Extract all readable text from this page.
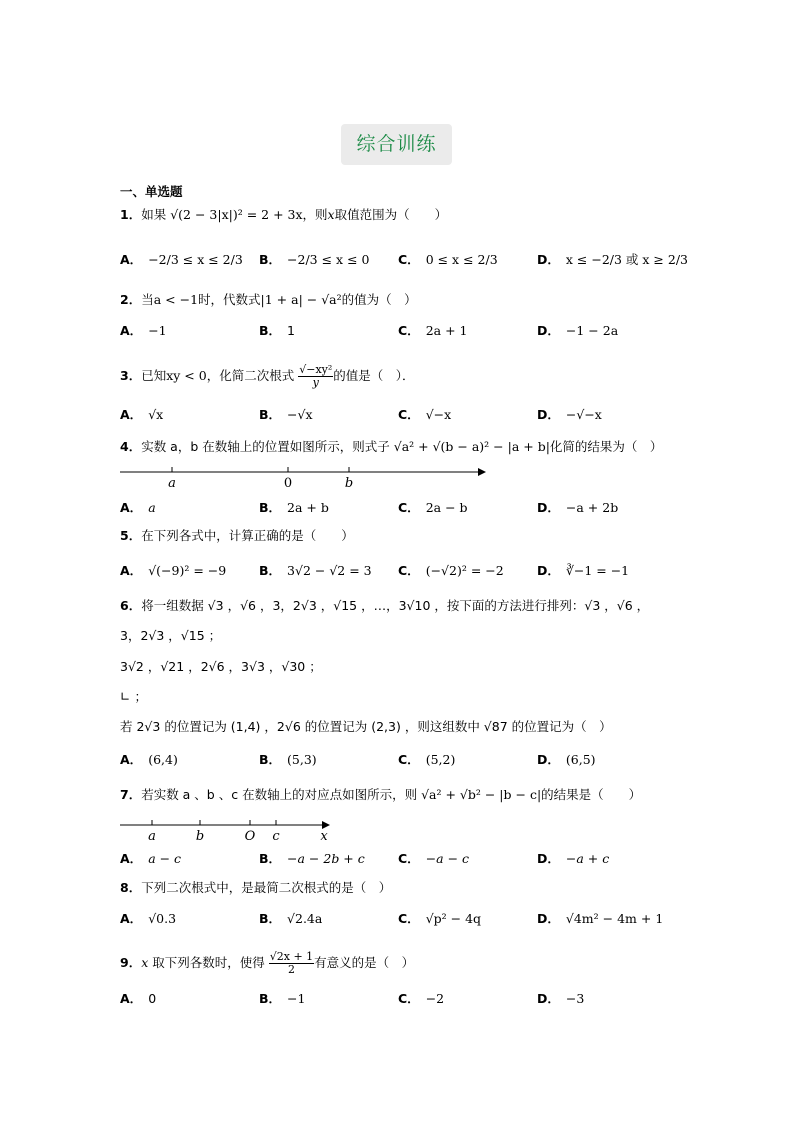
综合训练
一、单选题
1．如果 √(2 − 3|x|)² = 2 + 3x，则x取值范围为（　　）
A． −2/3 ≤ x ≤ 2/3 B． −2/3 ≤ x ≤ 0 C． 0 ≤ x ≤ 2/3	D． x ≤ −2/3 或 x ≥ 2/3
2．当a < −1时，代数式|1 + a| − √a²的值为（　）
A． −1	B． 1	C． 2a + 1	D． −1 − 2a
3．已知xy < 0，化简二次根式 $\frac{\text{√−xy²}}{y}$ 的值是（　）．
A． √x	B． −√x	C． √−x	D． −√−x
4．实数 a，b 在数轴上的位置如图所示，则式子 √a² + √(b − a)² − |a + b|化简的结果为（　）
a	0	b
A． a	B． 2a + b	C． 2a − b	D． −a + 2b
5．在下列各式中，计算正确的是（　　）
A． √(−9)² = −9	B． 3√2 − √2 = 3 C． (−√2)² = −2	D． ∛−1 = −1
6．将一组数据 √3 ，√6 ，3，2√3 ，√15 ，…，3√10 ，按下面的方法进行排列：√3 ，√6 ，
3，2√3 ，√15 ；
3√2 ，√21 ，2√6 ，3√3 ，√30 ；
∟ ；
若 2√3 的位置记为 (1,4) ，2√6 的位置记为 (2,3) ，则这组数中 √87 的位置记为（　）
A． (6,4)	B． (5,3)	C． (5,2)	D． (6,5)
7．若实数 a 、b 、c 在数轴上的对应点如图所示，则 √a² + √b² − |b − c|的结果是（　　）
a	b	O c	x
A． a − c	B． −a − 2b + c	C． −a − c	D． −a + c
8．下列二次根式中，是最简二次根式的是（　）
A． √0.3	B． √2.4a	C． √p² − 4q	D． √4m² − 4m + 1
9．x 取下列各数时，使得 $\frac{√2x + 1}{2}$ 有意义的是（　）
A． 0	B． −1	C． −2	D． −3
